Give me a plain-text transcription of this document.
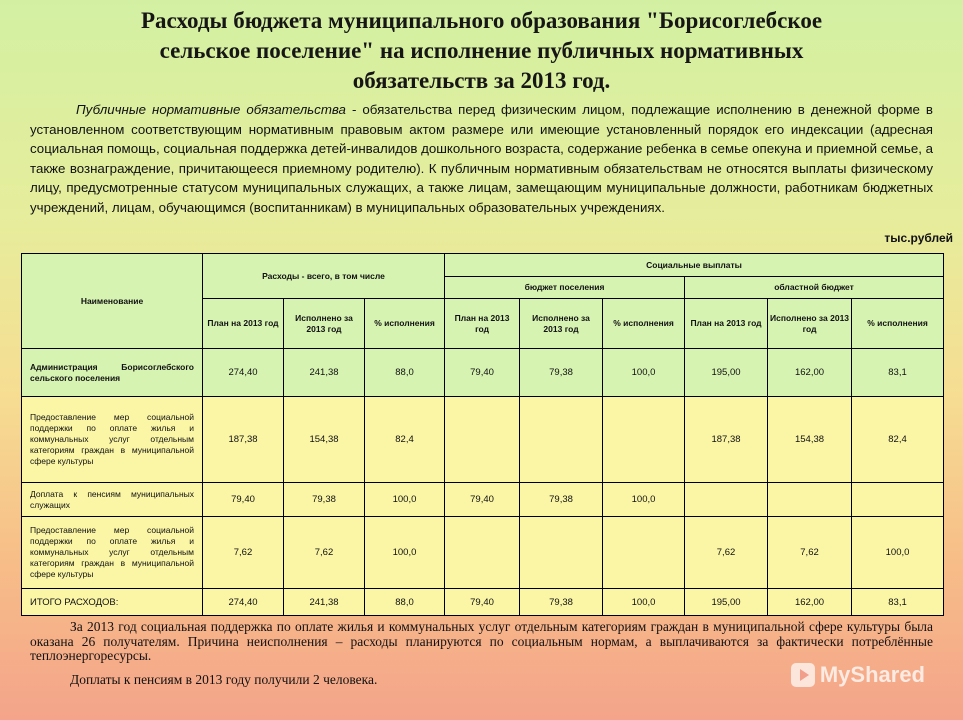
Расходы бюджета муниципального образования "Борисоглебское
сельское поселение" на исполнение публичных нормативных
обязательств за 2013 год.
Публичные нормативные обязательства - обязательства перед физическим лицом, подлежащие исполнению в денежной форме в установленном соответствующим нормативным правовым актом размере или имеющие установленный порядок его индексации (адресная социальная помощь, социальная поддержка детей-инвалидов дошкольного возраста, содержание ребенка в семье опекуна и приемной семье, а также вознаграждение, причитающееся приемному родителю). К публичным нормативным обязательствам не относятся выплаты физическому лицу, предусмотренные статусом муниципальных служащих, а также лицам, замещающим муниципальные должности, работникам бюджетных учреждений, лицам, обучающимся (воспитанникам) в муниципальных образовательных учреждениях.
тыс.рублей
Наименование	Расходы - всего, в том числе			Социальные выплаты					
				бюджет поселения			областной бюджет		
	План на 2013 год	Исполнено за 2013 год	% исполнения	План на 2013 год	Исполнено за 2013 год	% исполнения	План на 2013 год	Исполнено за 2013 год	% исполнения
Администрация Борисоглебского сельского поселения	274,40	241,38	88,0	79,40	79,38	100,0	195,00	162,00	83,1
Предоставление мер социальной поддержки по оплате жилья и коммунальных услуг отдельным категориям граждан в муниципальной сфере культуры	187,38	154,38	82,4				187,38	154,38	82,4
Доплата к пенсиям муниципальных служащих	79,40	79,38	100,0	79,40	79,38	100,0			
Предоставление мер социальной поддержки по оплате жилья и коммунальных услуг отдельным категориям граждан в муниципальной сфере культуры	7,62	7,62	100,0				7,62	7,62	100,0
ИТОГО РАСХОДОВ:	274,40	241,38	88,0	79,40	79,38	100,0	195,00	162,00	83,1
За 2013 год социальная поддержка по оплате жилья и коммунальных услуг отдельным категориям граждан в муниципальной сфере культуры была оказана 26 получателям. Причина неисполнения – расходы планируются по социальным нормам, а выплачиваются за фактически потреблённые теплоэнергоресурсы.
Доплаты к пенсиям в 2013 году получили 2 человека.	MyShared
